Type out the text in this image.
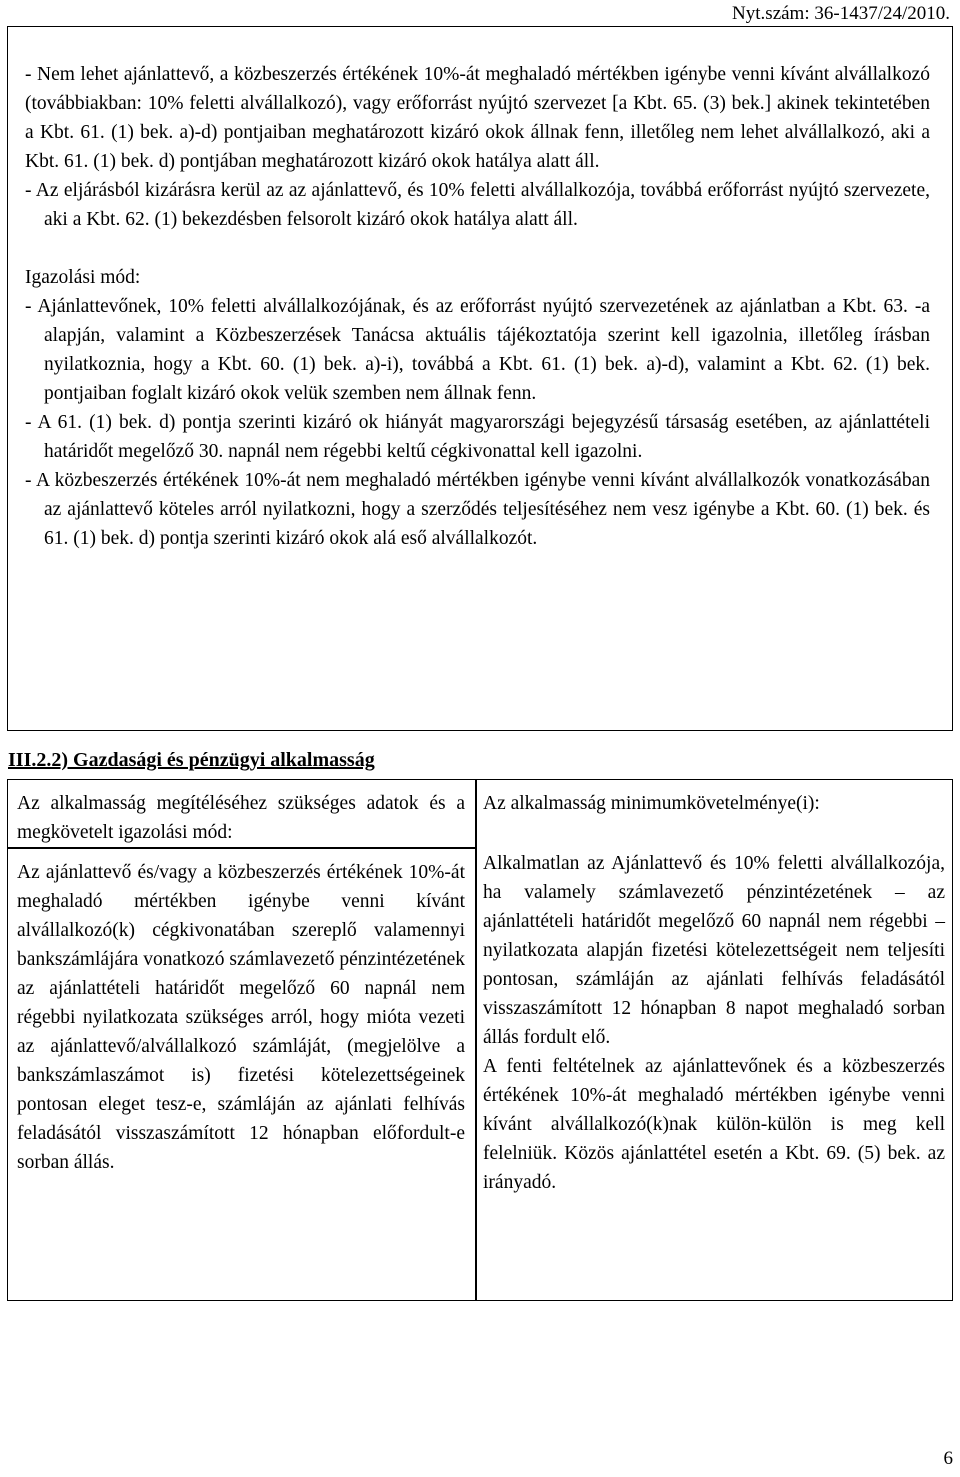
Nyt.szám: 36-1437/24/2010.

- Nem lehet ajánlattevő, a közbeszerzés értékének 10%-át meghaladó mértékben igénybe venni kívánt alvállalkozó (továbbiakban: 10% feletti alvállalkozó), vagy erőforrást nyújtó szervezet [a Kbt. 65. (3) bek.] akinek tekintetében a Kbt. 61. (1) bek. a)-d) pontjaiban meghatározott kizáró okok állnak fenn, illetőleg nem lehet alvállalkozó, aki a Kbt. 61. (1) bek. d) pontjában meghatározott kizáró okok hatálya alatt áll.

- Az eljárásból kizárásra kerül az az ajánlattevő, és 10% feletti alvállalkozója, továbbá erőforrást nyújtó szervezete, aki a Kbt. 62. (1) bekezdésben felsorolt kizáró okok hatálya alatt áll.

Igazolási mód:

- Ajánlattevőnek, 10% feletti alvállalkozójának, és az erőforrást nyújtó szervezetének az ajánlatban a Kbt. 63. -a alapján, valamint a Közbeszerzések Tanácsa aktuális tájékoztatója szerint kell igazolnia, illetőleg írásban nyilatkoznia, hogy a Kbt. 60. (1) bek. a)-i), továbbá a Kbt. 61. (1) bek. a)-d), valamint a Kbt. 62. (1) bek. pontjaiban foglalt kizáró okok velük szemben nem állnak fenn.

- A 61. (1) bek. d) pontja szerinti kizáró ok hiányát magyarországi bejegyzésű társaság esetében, az ajánlattételi határidőt megelőző 30. napnál nem régebbi keltű cégkivonattal kell igazolni.

- A közbeszerzés értékének 10%-át nem meghaladó mértékben igénybe venni kívánt alvállalkozók vonatkozásában az ajánlattevő köteles arról nyilatkozni, hogy a szerződés teljesítéséhez nem vesz igénybe a Kbt. 60. (1) bek. és 61. (1) bek. d) pontja szerinti kizáró okok alá eső alvállalkozót.

III.2.2) Gazdasági és pénzügyi alkalmasság

Az alkalmasság megítéléséhez szükséges adatok és a megkövetelt igazolási mód:

Az ajánlattevő és/vagy a közbeszerzés értékének 10%-át meghaladó mértékben igénybe venni kívánt alvállalkozó(k) cégkivonatában szereplő valamennyi bankszámlájára vonatkozó számlavezető pénzintézetének az ajánlattételi határidőt megelőző 60 napnál nem régebbi nyilatkozata szükséges arról, hogy mióta vezeti az ajánlattevő/alvállalkozó számláját, (megjelölve a bankszámlaszámot is) fizetési kötelezettségeinek pontosan eleget tesz-e, számláján az ajánlati felhívás feladásától visszaszámított 12 hónapban előfordult-e sorban állás.

Az alkalmasság minimumkövetelménye(i):

Alkalmatlan az Ajánlattevő és 10% feletti alvállalkozója, ha valamely számlavezető pénzintézetének – az ajánlattételi határidőt megelőző 60 napnál nem régebbi – nyilatkozata alapján fizetési kötelezettségeit nem teljesíti pontosan, számláján az ajánlati felhívás feladásától visszaszámított 12 hónapban 8 napot meghaladó sorban állás fordult elő.

A fenti feltételnek az ajánlattevőnek és a közbeszerzés értékének 10%-át meghaladó mértékben igénybe venni kívánt alvállalkozó(k)nak külön-külön is meg kell felelniük. Közös ajánlattétel esetén a Kbt. 69. (5) bek. az irányadó.

6
